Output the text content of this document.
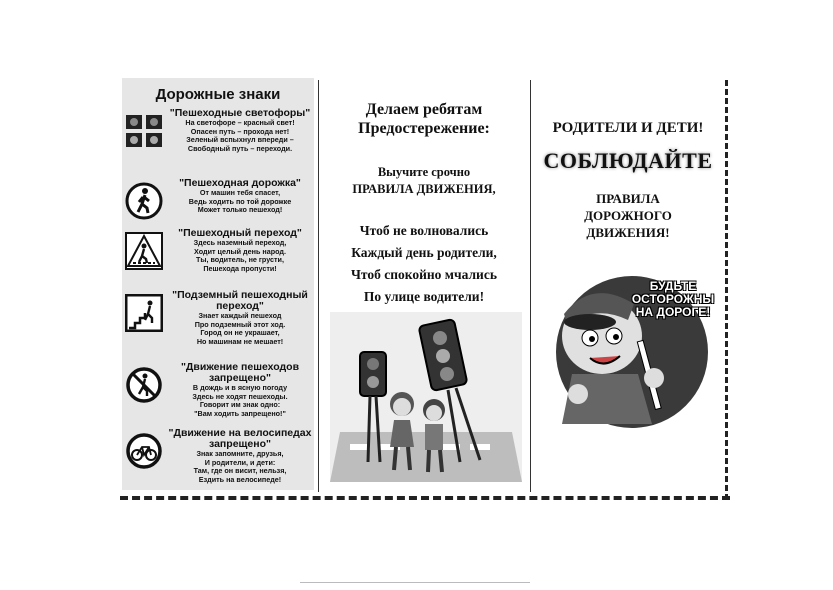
Дорожные знаки
"Пешеходные светофоры"
На светофоре – красный свет!
Опасен путь – прохода нет!
Зеленый вспыхнул впереди –
Свободный путь – переходи.
"Пешеходная дорожка"
От машин тебя спасет,
Ведь ходить по той дорожке
Может только пешеход!
"Пешеходный переход"
Здесь наземный переход,
Ходит целый день народ.
Ты, водитель, не грусти,
Пешехода пропусти!
"Подземный пешеходный переход"
Знает каждый пешеход
Про подземный этот ход.
Город он не украшает,
Но машинам не мешает!
"Движение пешеходов запрещено"
В дождь и в ясную погоду
Здесь не ходят пешеходы.
Говорит им знак одно:
"Вам ходить запрещено!"
"Движение на велосипедах запрещено"
Знак запомните, друзья,
И родители, и дети:
Там, где он висит, нельзя,
Ездить на велосипеде!
Делаем ребятам
Предостережение:
Выучите срочно
ПРАВИЛА ДВИЖЕНИЯ,
Чтоб не волновались
Каждый день родители,
Чтоб спокойно мчались
По улице водители!
РОДИТЕЛИ И ДЕТИ!
СОБЛЮДАЙТЕ
ПРАВИЛА
ДОРОЖНОГО
ДВИЖЕНИЯ!
БУДЬТЕ
ОСТОРОЖНЫ
НА ДОРОГЕ!
